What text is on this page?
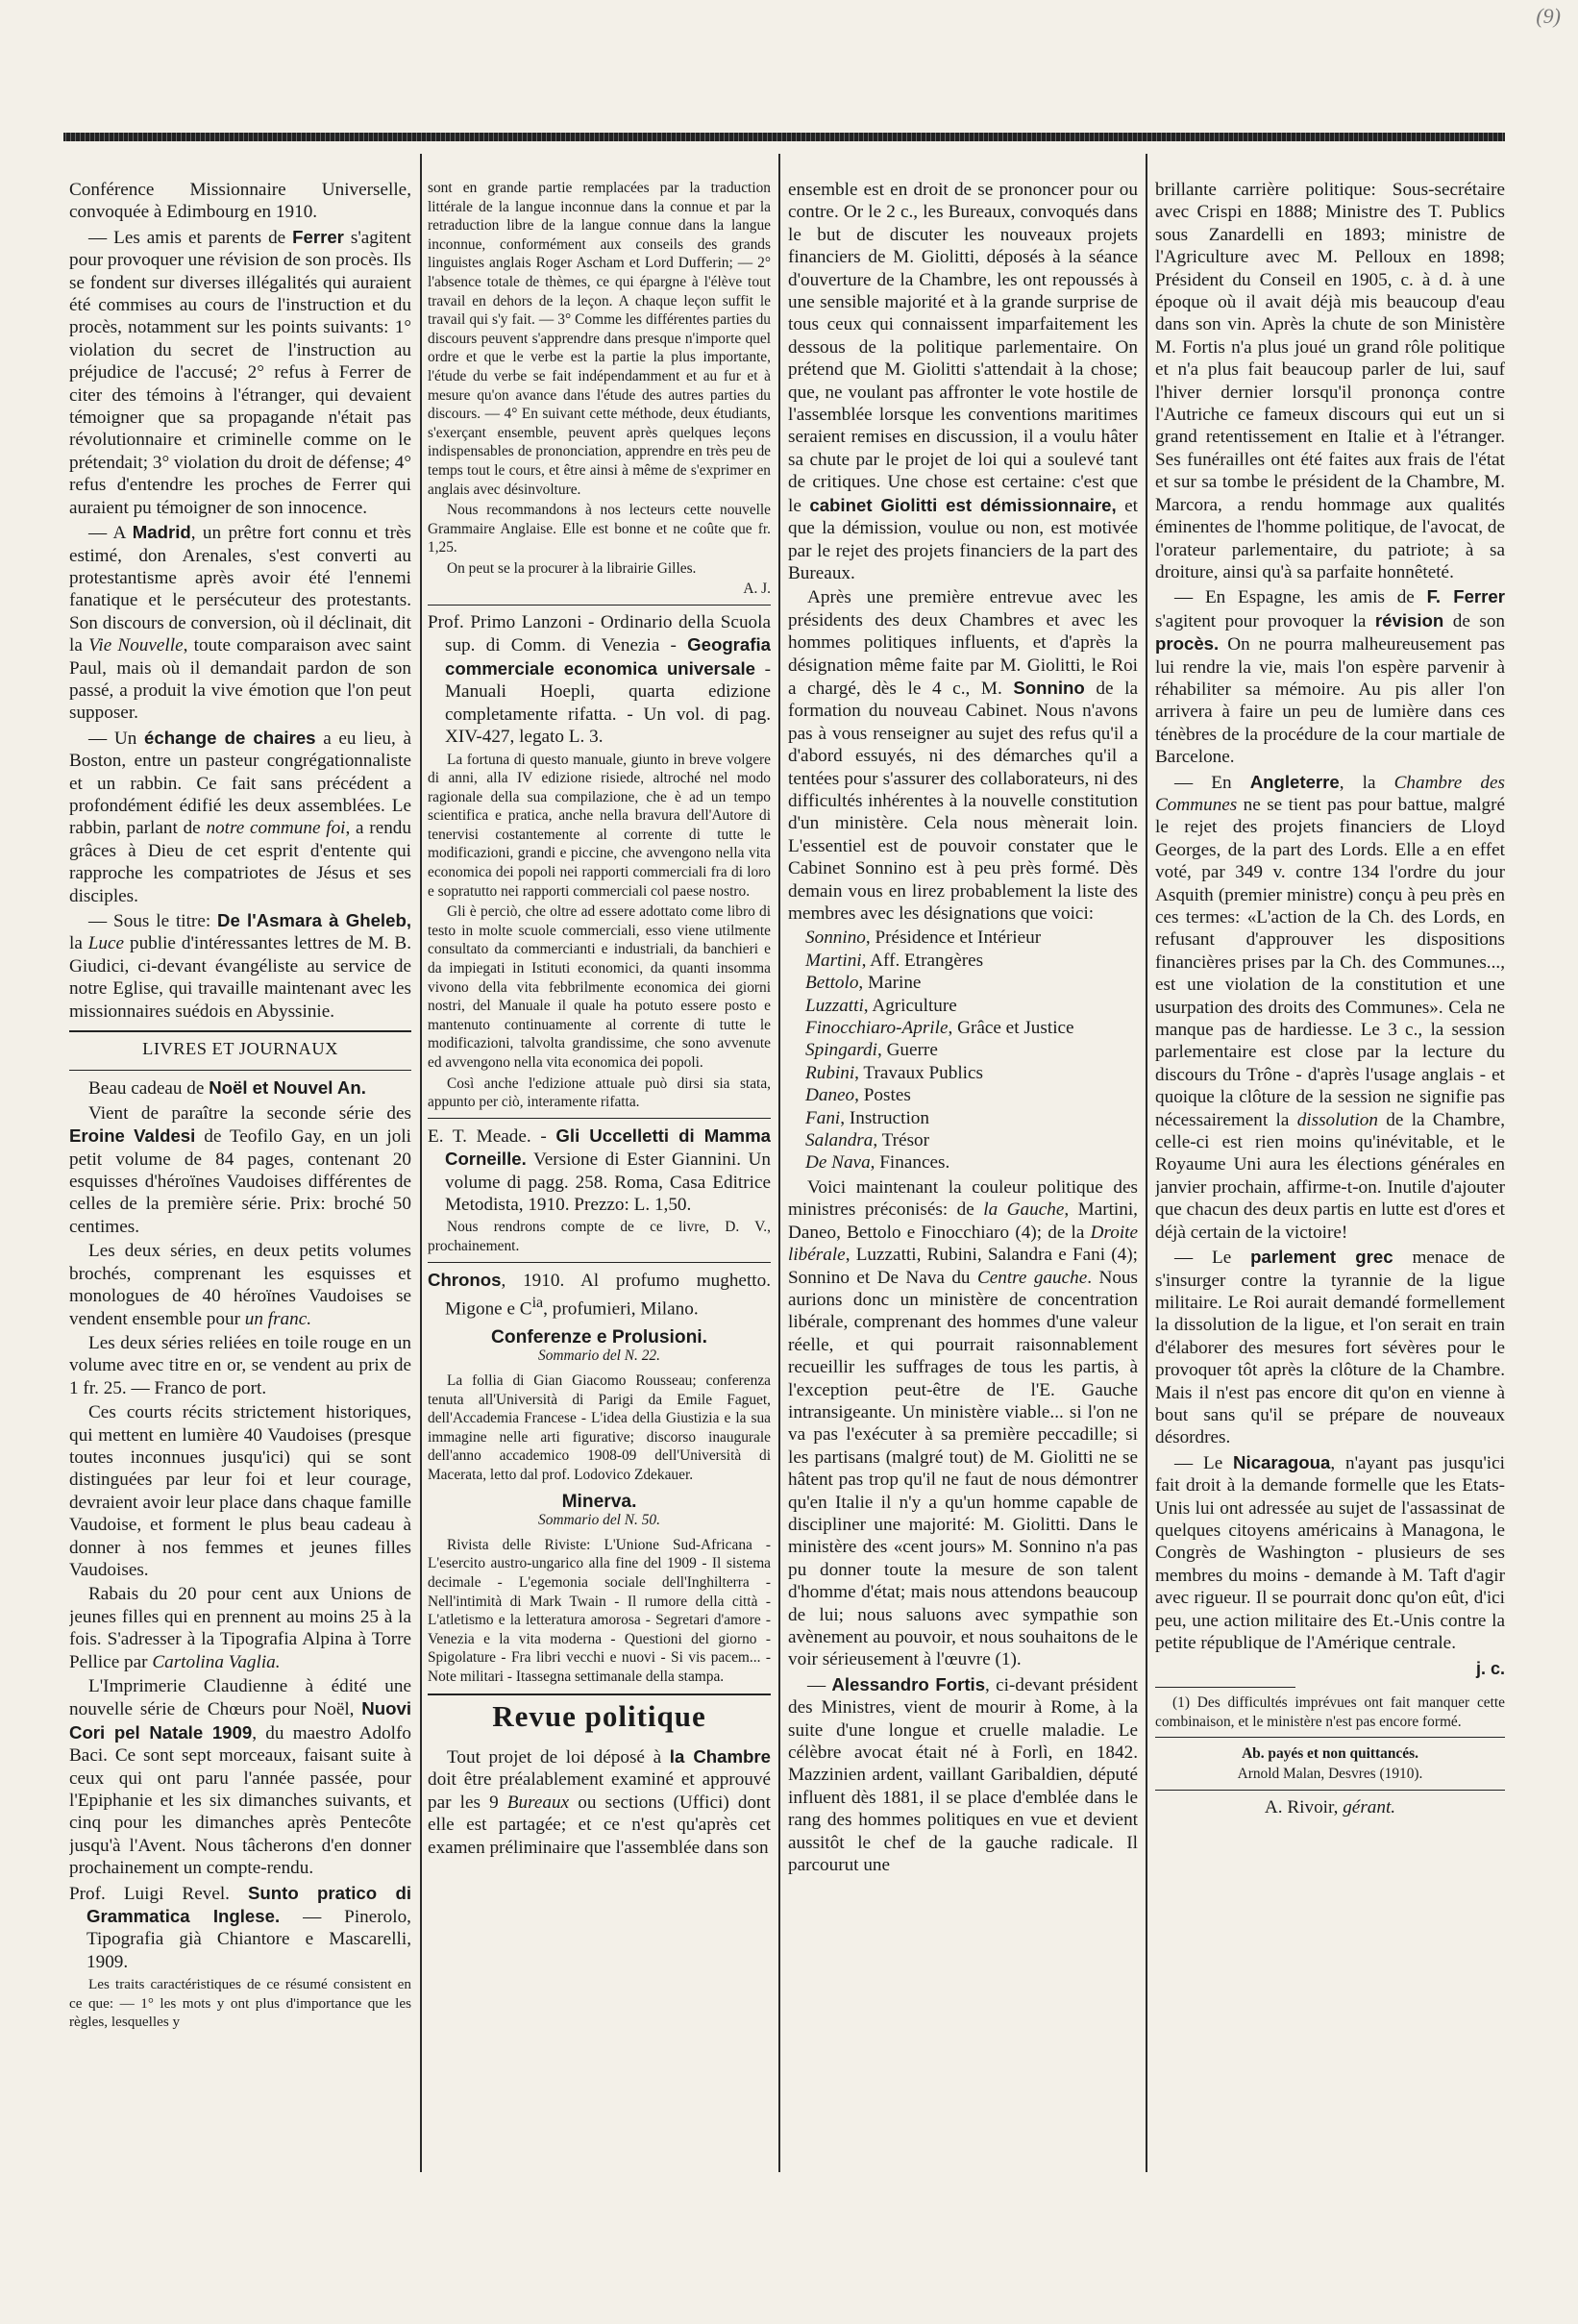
(9)

Conférence Missionnaire Universelle, convoquée à Edimbourg en 1910.

— Les amis et parents de Ferrer s'agitent pour provoquer une révision de son procès. Ils se fondent sur diverses illégalités qui auraient été commises au cours de l'instruction et du procès, notamment sur les points suivants: 1° violation du secret de l'instruction au préjudice de l'accusé; 2° refus à Ferrer de citer des témoins à l'étranger, qui devaient témoigner que sa propagande n'était pas révolutionnaire et criminelle comme on le prétendait; 3° violation du droit de défense; 4° refus d'entendre les proches de Ferrer qui auraient pu témoigner de son innocence.

— A Madrid, un prêtre fort connu et très estimé, don Arenales, s'est converti au protestantisme après avoir été l'ennemi fanatique et le persécuteur des protestants. Son discours de conversion, où il déclinait, dit la Vie Nouvelle, toute comparaison avec saint Paul, mais où il demandait pardon de son passé, a produit la vive émotion que l'on peut supposer.

— Un échange de chaires a eu lieu, à Boston, entre un pasteur congrégationnaliste et un rabbin. Ce fait sans précédent a profondément édifié les deux assemblées. Le rabbin, parlant de notre commune foi, a rendu grâces à Dieu de cet esprit d'entente qui rapproche les compatriotes de Jésus et ses disciples.

— Sous le titre: De l'Asmara à Gheleb, la Luce publie d'intéressantes lettres de M. B. Giudici, ci-devant évangéliste au service de notre Eglise, qui travaille maintenant avec les missionnaires suédois en Abyssinie.

LIVRES ET JOURNAUX

Beau cadeau de Noël et Nouvel An.

Vient de paraître la seconde série des Eroine Valdesi de Teofilo Gay, en un joli petit volume de 84 pages, contenant 20 esquisses d'héroïnes Vaudoises différentes de celles de la première série. Prix: broché 50 centimes.

Les deux séries, en deux petits volumes brochés, comprenant les esquisses et monologues de 40 héroïnes Vaudoises se vendent ensemble pour un franc.

Les deux séries reliées en toile rouge en un volume avec titre en or, se vendent au prix de 1 fr. 25. — Franco de port.

Ces courts récits strictement historiques, qui mettent en lumière 40 Vaudoises (presque toutes inconnues jusqu'ici) qui se sont distinguées par leur foi et leur courage, devraient avoir leur place dans chaque famille Vaudoise, et forment le plus beau cadeau à donner à nos femmes et jeunes filles Vaudoises.

Rabais du 20 pour cent aux Unions de jeunes filles qui en prennent au moins 25 à la fois. S'adresser à la Tipografia Alpina à Torre Pellice par Cartolina Vaglia.

L'Imprimerie Claudienne à édité une nouvelle série de Chœurs pour Noël, Nuovi Cori pel Natale 1909, du maestro Adolfo Baci. Ce sont sept morceaux, faisant suite à ceux qui ont paru l'année passée, pour l'Epiphanie et les six dimanches suivants, et cinq pour les dimanches après Pentecôte jusqu'à l'Avent. Nous tâcherons d'en donner prochainement un compte-rendu.

Prof. Luigi Revel. Sunto pratico di Grammatica Inglese. — Pinerolo, Tipografia già Chiantore e Mascarelli, 1909.

Les traits caractéristiques de ce résumé consistent en ce que: — 1° les mots y ont plus d'importance que les règles, lesquelles y

sont en grande partie remplacées par la traduction littérale de la langue inconnue dans la connue et par la retraduction libre de la langue connue dans la langue inconnue, conformément aux conseils des grands linguistes anglais Roger Ascham et Lord Dufferin; — 2° l'absence totale de thèmes, ce qui épargne à l'élève tout travail en dehors de la leçon. A chaque leçon suffit le travail qui s'y fait. — 3° Comme les différentes parties du discours peuvent s'apprendre dans presque n'importe quel ordre et que le verbe est la partie la plus importante, l'étude du verbe se fait indépendamment et au fur et à mesure qu'on avance dans l'étude des autres parties du discours. — 4° En suivant cette méthode, deux étudiants, s'exerçant ensemble, peuvent après quelques leçons indispensables de prononciation, apprendre en très peu de temps tout le cours, et être ainsi à même de s'exprimer en anglais avec désinvolture.

Nous recommandons à nos lecteurs cette nouvelle Grammaire Anglaise. Elle est bonne et ne coûte que fr. 1,25.

On peut se la procurer à la librairie Gilles.

A. J.

Prof. Primo Lanzoni - Ordinario della Scuola sup. di Comm. di Venezia - Geografia commerciale economica universale - Manuali Hoepli, quarta edizione completamente rifatta. - Un vol. di pag. XIV-427, legato L. 3.

La fortuna di questo manuale, giunto in breve volgere di anni, alla IV edizione risiede, altroché nel modo ragionale della sua compilazione, che è ad un tempo scientifica e pratica, anche nella bravura dell'Autore di tenervisi costantemente al corrente di tutte le modificazioni, grandi e piccine, che avvengono nella vita economica dei popoli nei rapporti commerciali fra di loro e sopratutto nei rapporti commerciali col paese nostro.

Gli è perciò, che oltre ad essere adottato come libro di testo in molte scuole commerciali, esso viene utilmente consultato da commercianti e industriali, da banchieri e da impiegati in Istituti economici, da quanti insomma vivono della vita febbrilmente economica dei giorni nostri, del Manuale il quale ha potuto essere posto e mantenuto continuamente al corrente di tutte le modificazioni, talvolta grandissime, che sono avvenute ed avvengono nella vita economica dei popoli.

Così anche l'edizione attuale può dirsi sia stata, appunto per ciò, interamente rifatta.

E. T. Meade. - Gli Uccelletti di Mamma Corneille. Versione di Ester Giannini. Un volume di pagg. 258. Roma, Casa Editrice Metodista, 1910. Prezzo: L. 1,50.

Nous rendrons compte de ce livre, D. V., prochainement.

Chronos, 1910. Al profumo mughetto. Migone e $C^{ia}$, profumieri, Milano.

Conferenze e Prolusioni.
Sommario del N. 22.

La follia di Gian Giacomo Rousseau; conferenza tenuta all'Università di Parigi da Emile Faguet, dell'Accademia Francese - L'idea della Giustizia e la sua immagine nelle arti figurative; discorso inaugurale dell'anno accademico 1908-09 dell'Università di Macerata, letto dal prof. Lodovico Zdekauer.

Minerva.
Sommario del N. 50.

Rivista delle Riviste: L'Unione Sud-Africana - L'esercito austro-ungarico alla fine del 1909 - Il sistema decimale - L'egemonia sociale dell'Inghilterra - Nell'intimità di Mark Twain - Il rumore della città - L'atletismo e la letteratura amorosa - Segretari d'amore - Venezia e la vita moderna - Questioni del giorno - Spigolature - Fra libri vecchi e nuovi - Si vis pacem... - Note militari - Itassegna settimanale della stampa.

Revue politique

Tout projet de loi déposé à la Chambre doit être préalablement examiné et approuvé par les 9 Bureaux ou sections (Uffici) dont elle est partagée; et ce n'est qu'après cet examen préliminaire que l'assemblée dans son

ensemble est en droit de se prononcer pour ou contre. Or le 2 c., les Bureaux, convoqués dans le but de discuter les nouveaux projets financiers de M. Giolitti, déposés à la séance d'ouverture de la Chambre, les ont repoussés à une sensible majorité et à la grande surprise de tous ceux qui connaissent imparfaitement les dessous de la politique parlementaire. On prétend que M. Giolitti s'attendait à la chose; que, ne voulant pas affronter le vote hostile de l'assemblée lorsque les conventions maritimes seraient remises en discussion, il a voulu hâter sa chute par le projet de loi qui a soulevé tant de critiques. Une chose est certaine: c'est que le cabinet Giolitti est démissionnaire, et que la démission, voulue ou non, est motivée par le rejet des projets financiers de la part des Bureaux.

Après une première entrevue avec les présidents des deux Chambres et avec les hommes politiques influents, et d'après la désignation même faite par M. Giolitti, le Roi a chargé, dès le 4 c., M. Sonnino de la formation du nouveau Cabinet. Nous n'avons pas à vous renseigner au sujet des refus qu'il a d'abord essuyés, ni des démarches qu'il a tentées pour s'assurer des collaborateurs, ni des difficultés inhérentes à la nouvelle constitution d'un ministère. Cela nous mènerait loin. L'essentiel est de pouvoir constater que le Cabinet Sonnino est à peu près formé. Dès demain vous en lirez probablement la liste des membres avec les désignations que voici:

Sonnino, Présidence et Intérieur
Martini, Aff. Etrangères
Bettolo, Marine
Luzzatti, Agriculture
Finocchiaro-Aprile, Grâce et Justice
Spingardi, Guerre
Rubini, Travaux Publics
Daneo, Postes
Fani, Instruction
Salandra, Trésor
De Nava, Finances.

Voici maintenant la couleur politique des ministres préconisés: de la Gauche, Martini, Daneo, Bettolo e Finocchiaro (4); de la Droite libérale, Luzzatti, Rubini, Salandra e Fani (4); Sonnino et De Nava du Centre gauche. Nous aurions donc un ministère de concentration libérale, comprenant des hommes d'une valeur réelle, et qui pourrait raisonnablement recueillir les suffrages de tous les partis, à l'exception peut-être de l'E. Gauche intransigeante. Un ministère viable... si l'on ne va pas l'exécuter à sa première peccadille; si les partisans (malgré tout) de M. Giolitti ne se hâtent pas trop qu'il ne faut de nous démontrer qu'en Italie il n'y a qu'un homme capable de discipliner une majorité: M. Giolitti. Dans le ministère des «cent jours» M. Sonnino n'a pas pu donner toute la mesure de son talent d'homme d'état; mais nous attendons beaucoup de lui; nous saluons avec sympathie son avènement au pouvoir, et nous souhaitons de le voir sérieusement à l'œuvre (1).

— Alessandro Fortis, ci-devant président des Ministres, vient de mourir à Rome, à la suite d'une longue et cruelle maladie. Le célèbre avocat était né à Forlì, en 1842. Mazzinien ardent, vaillant Garibaldien, député influent dès 1881, il se place d'emblée dans le rang des hommes politiques en vue et devient aussitôt le chef de la gauche radicale. Il parcourut une

brillante carrière politique: Sous-secrétaire avec Crispi en 1888; Ministre des T. Publics sous Zanardelli en 1893; ministre de l'Agriculture avec M. Pelloux en 1898; Président du Conseil en 1905, c. à d. à une époque où il avait déjà mis beaucoup d'eau dans son vin. Après la chute de son Ministère M. Fortis n'a plus joué un grand rôle politique et n'a plus fait beaucoup parler de lui, sauf l'hiver dernier lorsqu'il prononça contre l'Autriche ce fameux discours qui eut un si grand retentissement en Italie et à l'étranger. Ses funérailles ont été faites aux frais de l'état et sur sa tombe le président de la Chambre, M. Marcora, a rendu hommage aux qualités éminentes de l'homme politique, de l'avocat, de l'orateur parlementaire, du patriote; à sa droiture, ainsi qu'à sa parfaite honnêteté.

— En Espagne, les amis de F. Ferrer s'agitent pour provoquer la révision de son procès. On ne pourra malheureusement pas lui rendre la vie, mais l'on espère parvenir à réhabiliter sa mémoire. Au pis aller l'on arrivera à faire un peu de lumière dans ces ténèbres de la procédure de la cour martiale de Barcelone.

— En Angleterre, la Chambre des Communes ne se tient pas pour battue, malgré le rejet des projets financiers de Lloyd Georges, de la part des Lords. Elle a en effet voté, par 349 v. contre 134 l'ordre du jour Asquith (premier ministre) conçu à peu près en ces termes: «L'action de la Ch. des Lords, en refusant d'approuver les dispositions financières prises par la Ch. des Communes..., est une violation de la constitution et une usurpation des droits des Communes». Cela ne manque pas de hardiesse. Le 3 c., la session parlementaire est close par la lecture du discours du Trône - d'après l'usage anglais - et quoique la clôture de la session ne signifie pas nécessairement la dissolution de la Chambre, celle-ci est rien moins qu'inévitable, et le Royaume Uni aura les élections générales en janvier prochain, affirme-t-on. Inutile d'ajouter que chacun des deux partis en lutte est d'ores et déjà certain de la victoire!

— Le parlement grec menace de s'insurger contre la tyrannie de la ligue militaire. Le Roi aurait demandé formellement la dissolution de la ligue, et l'on serait en train d'élaborer des mesures fort sévères pour le provoquer tôt après la clôture de la Chambre. Mais il n'est pas encore dit qu'on en vienne à bout sans qu'il se prépare de nouveaux désordres.

— Le Nicaragoua, n'ayant pas jusqu'ici fait droit à la demande formelle que les Etats-Unis lui ont adressée au sujet de l'assassinat de quelques citoyens américains à Managona, le Congrès de Washington - plusieurs de ses membres du moins - demande à M. Taft d'agir avec rigueur. Il se pourrait donc qu'on eût, d'ici peu, une action militaire des Et.-Unis contre la petite république de l'Amérique centrale.

j. c.
(1) Des difficultés imprévues ont fait manquer cette combinaison, et le ministère n'est pas encore formé.
Ab. payés et non quittancés.
Arnold Malan, Desvres (1910).
A. Rivoir, gérant.
